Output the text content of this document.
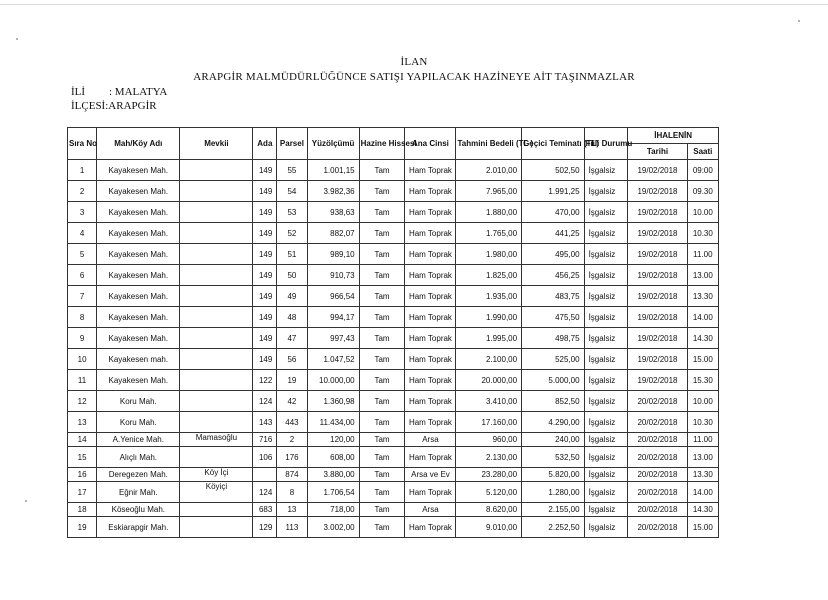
İLAN
ARAPGİR MALMÜDÜRLÜĞÜNCE SATIŞI YAPILACAK HAZİNEYE AİT TAŞINMAZLAR
İLİ : MALATYA
İLÇESİ:ARAPGİR
Sıra No	Mah/Köy Adı	Mevkii	Ada	Parsel	Yüzölçümü	Hazine Hissesi	Ana Cinsi	Tahmini Bedeli (TL )	Geçici Teminatı (TL)	Fiili Durumu	İHALENİN	
											Tarihi	Saati
1	Kayakesen Mah.		149	55	1.001,15	Tam	Ham Toprak	2.010,00	502,50	İşgalsiz	19/02/2018	09:00
2	Kayakesen Mah.		149	54	3.982,36	Tam	Ham Toprak	7.965,00	1.991,25	İşgalsiz	19/02/2018	09.30
3	Kayakesen Mah.		149	53	938,63	Tam	Ham Toprak	1.880,00	470,00	İşgalsiz	19/02/2018	10.00
4	Kayakesen Mah.		149	52	882,07	Tam	Ham Toprak	1.765,00	441,25	İşgalsiz	19/02/2018	10.30
5	Kayakesen Mah.		149	51	989,10	Tam	Ham Toprak	1.980,00	495,00	İşgalsiz	19/02/2018	11.00
6	Kayakesen Mah.		149	50	910,73	Tam	Ham Toprak	1.825,00	456,25	İşgalsiz	19/02/2018	13.00
7	Kayakesen Mah.		149	49	966,54	Tam	Ham Toprak	1.935,00	483,75	İşgalsiz	19/02/2018	13.30
8	Kayakesen Mah.		149	48	994,17	Tam	Ham Toprak	1.990,00	475,50	İşgalsiz	19/02/2018	14.00
9	Kayakesen Mah.		149	47	997,43	Tam	Ham Toprak	1.995,00	498,75	İşgalsiz	19/02/2018	14.30
10	Kayakesen mah.		149	56	1.047,52	Tam	Ham Toprak	2.100,00	525,00	İşgalsiz	19/02/2018	15.00
11	Kayakesen Mah.		122	19	10.000,00	Tam	Ham Toprak	20.000,00	5.000,00	İşgalsiz	19/02/2018	15.30
12	Koru Mah.		124	42	1.360,98	Tam	Ham Toprak	3.410,00	852,50	İşgalsiz	20/02/2018	10.00
13	Koru Mah.		143	443	11.434,00	Tam	Ham Toprak	17.160,00	4.290,00	İşgalsiz	20/02/2018	10.30
14	A.Yenice Mah.	Mamasoğlu	716	2	120,00	Tam	Arsa	960,00	240,00	İşgalsiz	20/02/2018	11.00
15	Alıçlı Mah.		106	176	608,00	Tam	Ham Toprak	2.130,00	532,50	İşgalsiz	20/02/2018	13.00
16	Deregezen Mah.	Köy İçi		874	3.880,00	Tam	Arsa ve Ev	23.280,00	5.820,00	İşgalsiz	20/02/2018	13.30
17	Eğnir Mah.	Köyiçi	124	8	1.706,54	Tam	Ham Toprak	5.120,00	1.280,00	İşgalsiz	20/02/2018	14.00
18	Köseoğlu Mah.		683	13	718,00	Tam	Arsa	8.620,00	2.155,00	İşgalsiz	20/02/2018	14.30
19	Eskiarapgir Mah.		129	113	3.002,00	Tam	Ham Toprak	9.010,00	2.252,50	İşgalsiz	20/02/2018	15.00
